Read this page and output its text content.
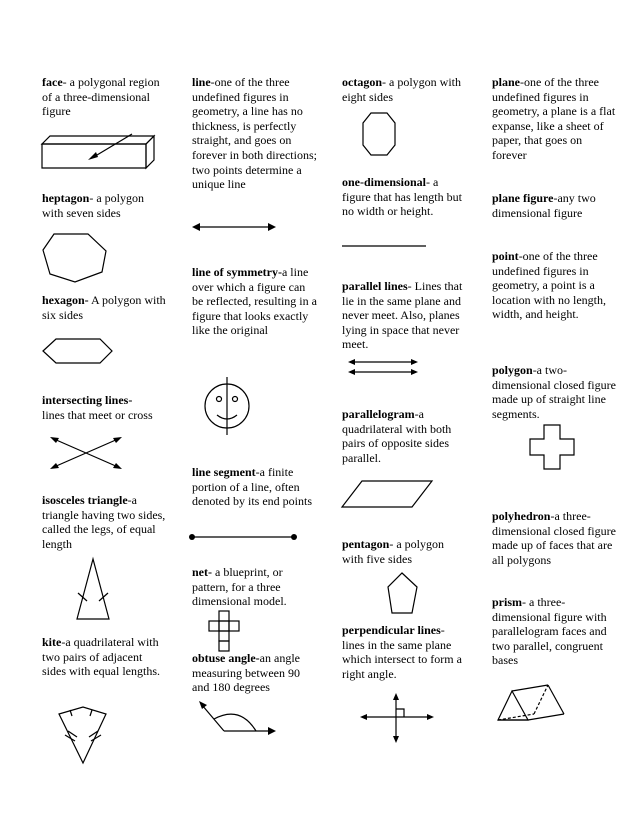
face- a polygonal region of a three-dimensional figure
heptagon- a polygon with seven sides
hexagon- A polygon with six sides
intersecting lines-
lines that meet or cross
isosceles triangle-a triangle having two sides, called the legs, of equal length
kite-a quadrilateral with two pairs of adjacent sides with equal lengths.
line-one of the three undefined figures in geometry, a line has no thickness, is perfectly straight, and goes on forever in both directions; two points determine a unique line
line of symmetry-a line over which a figure can be reflected, resulting in a figure that looks exactly like the original
line segment-a finite portion of a line, often denoted by its end points
net- a blueprint, or pattern, for a three dimensional model.
obtuse angle-an angle measuring between 90 and 180 degrees
octagon- a polygon with eight sides
one-dimensional- a figure that has length but no width or height.
parallel lines- Lines that lie in the same plane and never meet. Also, planes lying in space that never meet.
parallelogram-a quadrilateral with both pairs of opposite sides parallel.
pentagon- a polygon with five sides
perpendicular lines- lines in the same plane which intersect to form a right angle.
plane-one of the three undefined figures in geometry, a plane is a flat expanse, like a sheet of paper, that goes on forever
plane figure-any two dimensional figure
point-one of the three undefined figures in geometry, a point is a location with no length, width, and height.
polygon-a two-dimensional closed figure made up of straight line segments.
polyhedron-a three-dimensional closed figure made up of faces that are all polygons
prism- a three-dimensional figure with parallelogram faces and two parallel, congruent bases
